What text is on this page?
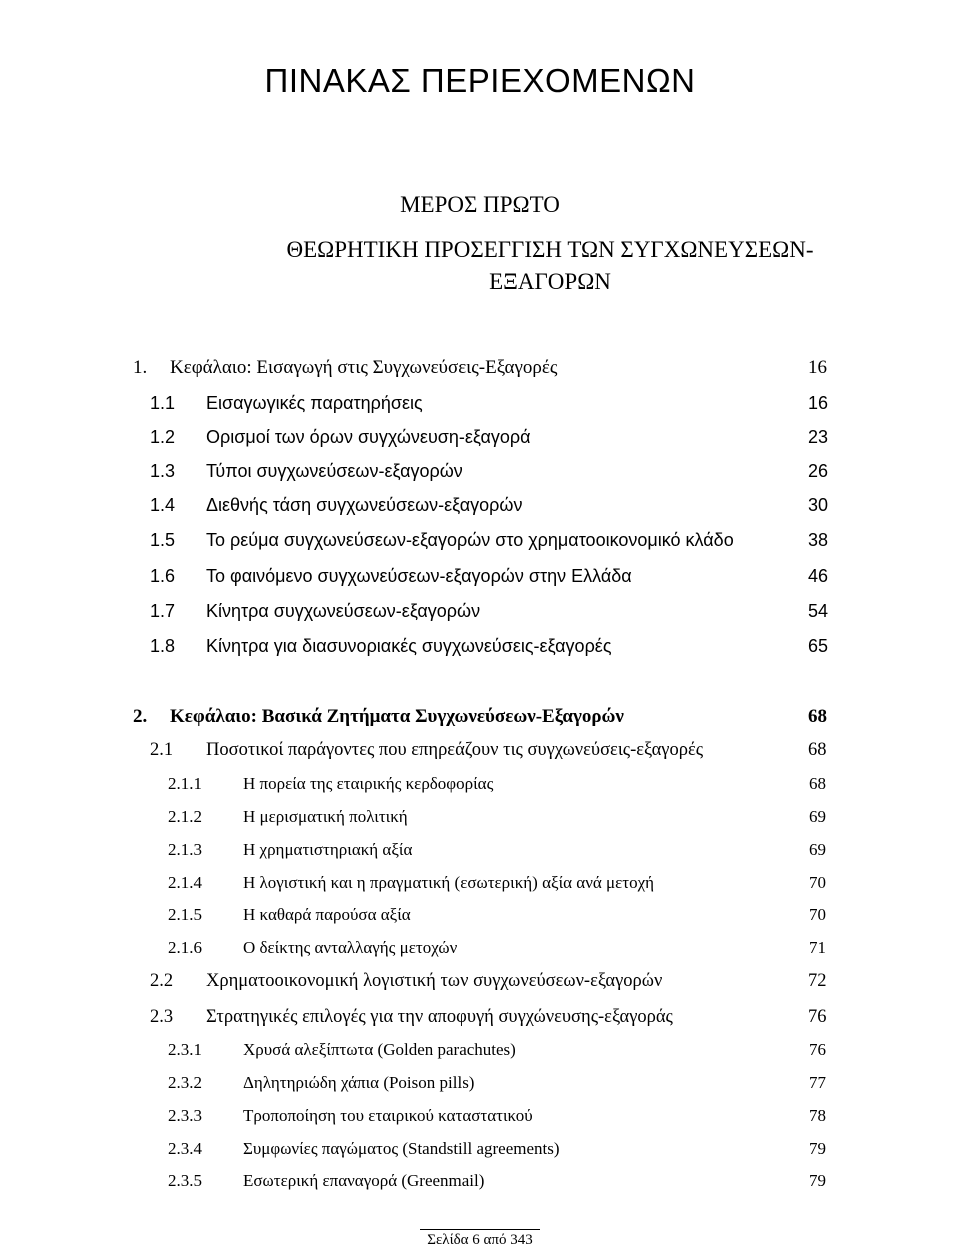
ΠΙΝΑΚΑΣ ΠΕΡΙΕΧΟΜΕΝΩΝ
ΜΕΡΟΣ ΠΡΩΤΟ
ΘΕΩΡΗΤΙΚΗ ΠΡΟΣΕΓΓΙΣΗ ΤΩΝ ΣΥΓΧΩΝΕΥΣΕΩΝ-
ΕΞΑΓΟΡΩΝ
1. Κεφάλαιο: Εισαγωγή στις Συγχωνεύσεις-Εξαγορές	16
1.1 Εισαγωγικές παρατηρήσεις	16
1.2 Ορισμοί των όρων συγχώνευση-εξαγορά	23
1.3 Τύποι συγχωνεύσεων-εξαγορών	26
1.4 Διεθνής τάση συγχωνεύσεων-εξαγορών	30
1.5 Το ρεύμα συγχωνεύσεων-εξαγορών στο χρηματοοικονομικό κλάδο	38
1.6 Το φαινόμενο συγχωνεύσεων-εξαγορών στην Ελλάδα	46
1.7 Κίνητρα συγχωνεύσεων-εξαγορών	54
1.8 Κίνητρα για διασυνοριακές συγχωνεύσεις-εξαγορές	65
2. Κεφάλαιο: Βασικά Ζητήματα Συγχωνεύσεων-Εξαγορών	68
2.1 Ποσοτικοί παράγοντες που επηρεάζουν τις συγχωνεύσεις-εξαγορές	68
2.1.1 Η πορεία της εταιρικής κερδοφορίας	68
2.1.2 Η μερισματική πολιτική	69
2.1.3 Η χρηματιστηριακή αξία	69
2.1.4 Η λογιστική και η πραγματική (εσωτερική) αξία ανά μετοχή	70
2.1.5 Η καθαρά παρούσα αξία	70
2.1.6 Ο δείκτης ανταλλαγής μετοχών	71
2.2 Χρηματοοικονομική λογιστική των συγχωνεύσεων-εξαγορών	72
2.3 Στρατηγικές επιλογές για την αποφυγή συγχώνευσης-εξαγοράς	76
2.3.1 Χρυσά αλεξίπτωτα (Golden parachutes)	76
2.3.2 Δηλητηριώδη χάπια (Poison pills)	77
2.3.3 Τροποποίηση του εταιρικού καταστατικού	78
2.3.4 Συμφωνίες παγώματος (Standstill agreements)	79
2.3.5 Εσωτερική επαναγορά (Greenmail)	79
Σελίδα 6 από 343
